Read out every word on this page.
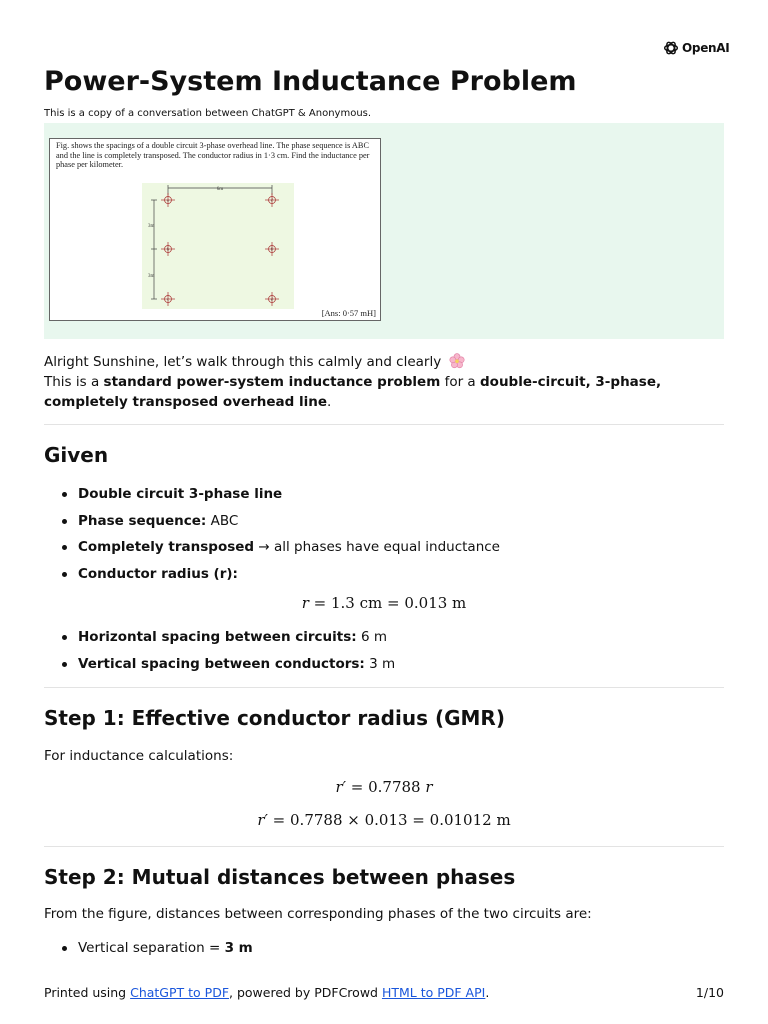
OpenAI
Power-System Inductance Problem
This is a copy of a conversation between ChatGPT & Anonymous.
Fig. shows the spacings of a double circuit 3-phase overhead line. The phase sequence is ABC and the line is completely transposed. The conductor radius in 1·3 cm. Find the inductance per phase per kilometer.
6m
3m
3m
a	c'
b	b'
c	a'
[Ans: 0·57 mH]
Alright Sunshine, let’s walk through this calmly and clearly
This is a standard power-system inductance problem for a double-circuit, 3-phase, completely transposed overhead line.
Given
Double circuit 3-phase line
Phase sequence: ABC
Completely transposed → all phases have equal inductance
Conductor radius (r):
r = 1.3 cm = 0.013 m
Horizontal spacing between circuits: 6 m
Vertical spacing between conductors: 3 m
Step 1: Effective conductor radius (GMR)
For inductance calculations:
r′ = 0.7788 r
r′ = 0.7788 × 0.013 = 0.01012 m
Step 2: Mutual distances between phases
From the figure, distances between corresponding phases of the two circuits are:
Vertical separation = 3 m
Printed using ChatGPT to PDF, powered by PDFCrowd HTML to PDF API.	1/10
